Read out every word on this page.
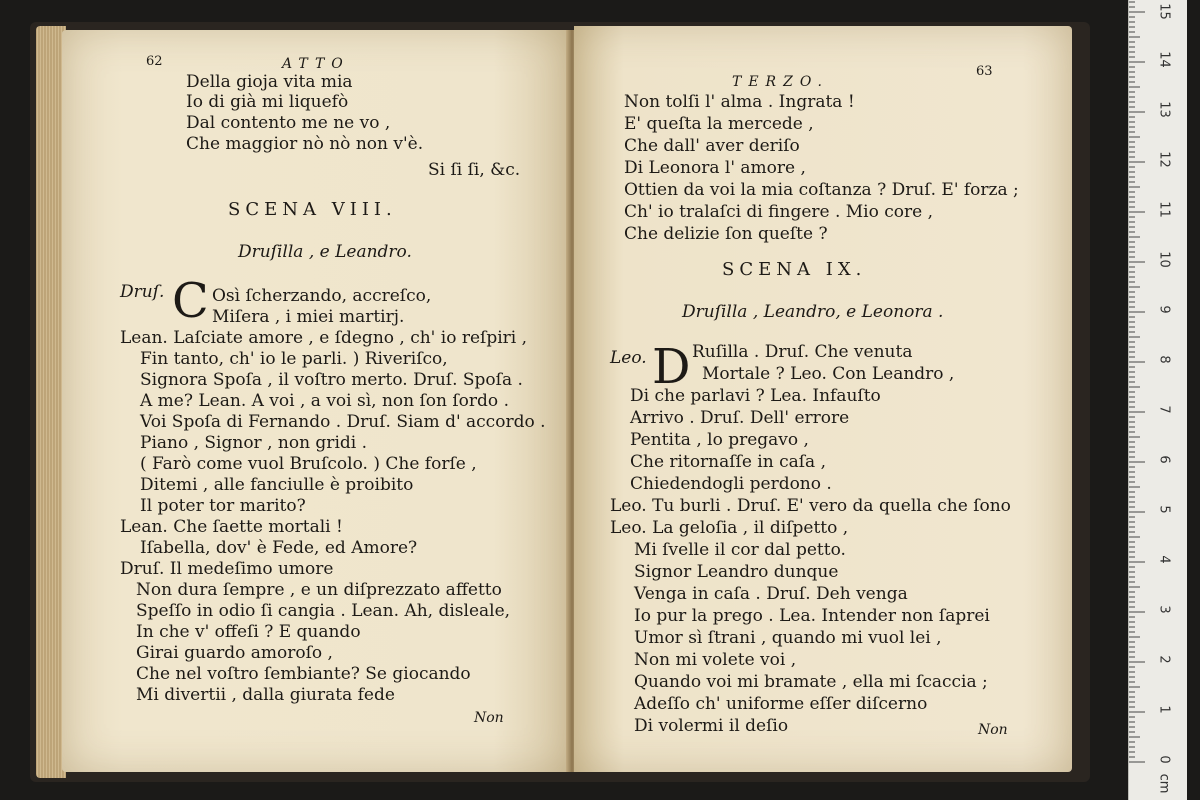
62	ATTO
Della gioja vita mia
Io di già mi liquefò
Dal contento me ne vo ,
Che maggior nò nò non v'è.
Si ſi ſi, &c.
SCENA VIII.
Druſilla , e Leandro.
Druſ. C Osì ſcherzando, accreſco,
Miſera , i miei martirj.
Lean. Laſciate amore , e ſdegno , ch' io reſpiri ,
Fin tanto, ch' io le parli. ) Riveriſco,
Signora Spoſa , il voſtro merto. Druſ. Spoſa .
A me? Lean. A voi , a voi sì, non ſon ſordo .
Voi Spoſa di Fernando . Druſ. Siam d' accordo .
Piano , Signor , non gridi .
( Farò come vuol Bruſcolo. ) Che forſe ,
Ditemi , alle fanciulle è proibito
Il poter tor marito?
Lean. Che ſaette mortali !
Iſabella, dov' è Fede, ed Amore?
Druſ. Il medeſimo umore
Non dura ſempre , e un diſprezzato affetto
Speſſo in odio ſi cangia . Lean. Ah, disleale,
In che v' offeſi ? E quando
Girai guardo amoroſo ,
Che nel voſtro ſembiante? Se giocando
Mi divertii , dalla giurata fede
Non
TERZO.
63
Non tolſi l' alma . Ingrata !
E' queſta la mercede ,
Che dall' aver deriſo
Di Leonora l' amore ,
Ottien da voi la mia coſtanza ? Druſ. E' forza ;
Ch' io tralaſci di fingere . Mio core ,
Che delizie ſon queſte ?
SCENA IX.
Druſilla , Leandro, e Leonora .
Leo. D Ruſilla . Druſ. Che venuta
Mortale ? Leo. Con Leandro ,
Di che parlavi ? Lea. Infauſto
Arrivo . Druſ. Dell' errore
Pentita , lo pregavo ,
Che ritornaſſe in caſa ,
Chiedendogli perdono .
Leo. Tu burli . Druſ. E' vero da quella che ſono
Leo. La geloſia , il diſpetto ,
Mi ſvelle il cor dal petto.
Signor Leandro dunque
Venga in caſa . Druſ. Deh venga
Io pur la prego . Lea. Intender non ſaprei
Umor sì ſtrani , quando mi vuol lei ,
Non mi volete voi ,
Quando voi mi bramate , ella mi ſcaccia ;
Adeſſo ch' uniforme eſſer diſcerno
Di volermi il deſio	Non
cm
0
1
2
3
4
5
6
7
8
9
10
11
12
13
14
15
